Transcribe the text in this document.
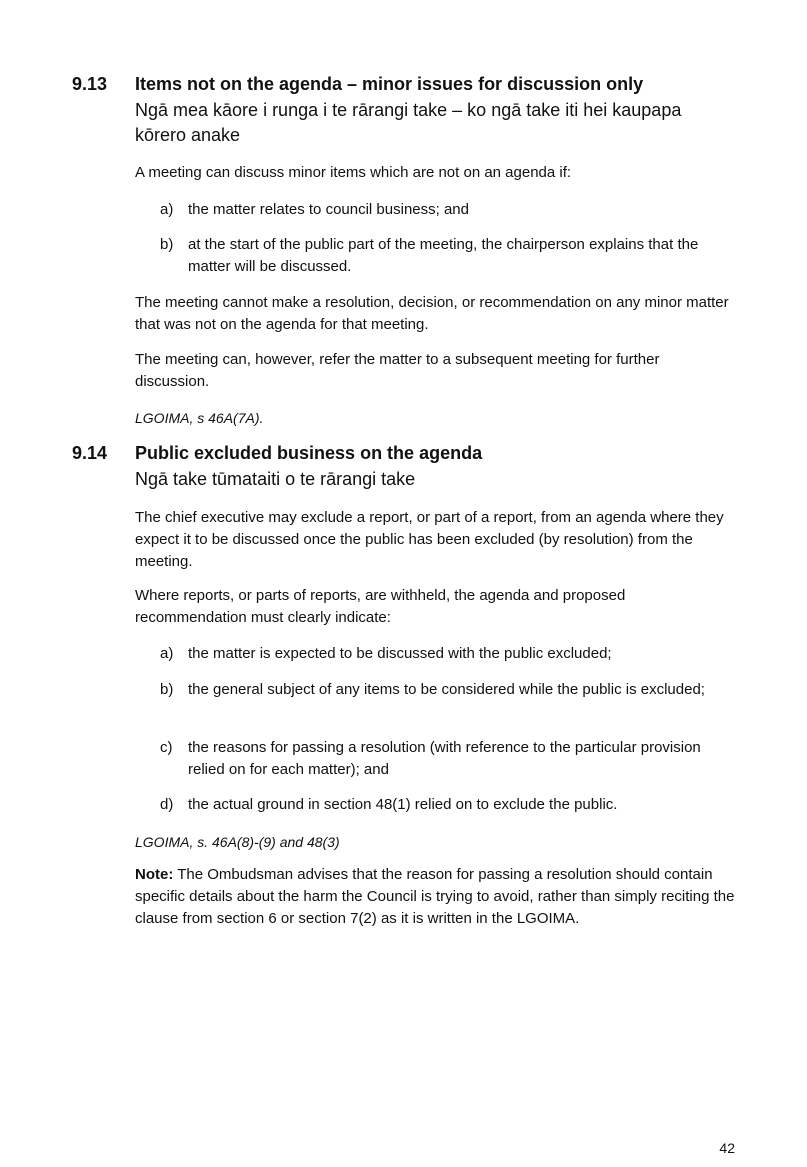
9.13 Items not on the agenda – minor issues for discussion only
Ngā mea kāore i runga i te rārangi take – ko ngā take iti hei kaupapa kōrero anake
A meeting can discuss minor items which are not on an agenda if:
a) the matter relates to council business; and
b) at the start of the public part of the meeting, the chairperson explains that the matter will be discussed.
The meeting cannot make a resolution, decision, or recommendation on any minor matter that was not on the agenda for that meeting.
The meeting can, however, refer the matter to a subsequent meeting for further discussion.
LGOIMA, s 46A(7A).
9.14 Public excluded business on the agenda
Ngā take tūmataiti o te rārangi take
The chief executive may exclude a report, or part of a report, from an agenda where they expect it to be discussed once the public has been excluded (by resolution) from the meeting.
Where reports, or parts of reports, are withheld, the agenda and proposed recommendation must clearly indicate:
a) the matter is expected to be discussed with the public excluded;
b) the general subject of any items to be considered while the public is excluded;
c) the reasons for passing a resolution (with reference to the particular provision relied on for each matter); and
d) the actual ground in section 48(1) relied on to exclude the public.
LGOIMA, s. 46A(8)-(9) and 48(3)
Note: The Ombudsman advises that the reason for passing a resolution should contain specific details about the harm the Council is trying to avoid, rather than simply reciting the clause from section 6 or section 7(2) as it is written in the LGOIMA.
42
